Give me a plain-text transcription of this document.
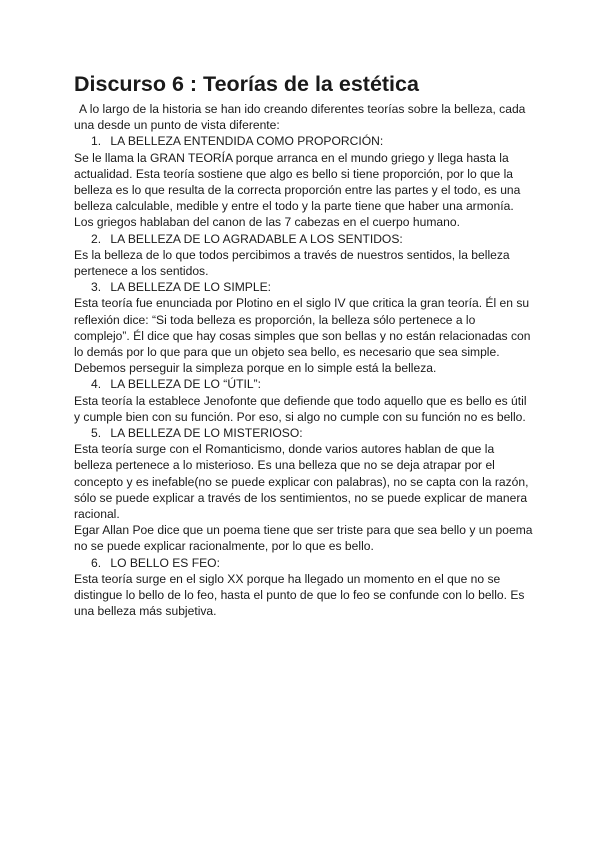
Discurso 6 : Teorías de la estética

A lo largo de la historia se han ido creando diferentes teorías sobre la belleza, cada una desde un punto de vista diferente:

1. LA BELLEZA ENTENDIDA COMO PROPORCIÓN:

Se le llama la GRAN TEORÍA porque arranca en el mundo griego y llega hasta la actualidad. Esta teoría sostiene que algo es bello si tiene proporción, por lo que la belleza es lo que resulta de la correcta proporción entre las partes y el todo, es una belleza calculable, medible y entre el todo y la parte tiene que haber una armonía. Los griegos hablaban del canon de las 7 cabezas en el cuerpo humano.

2. LA BELLEZA DE LO AGRADABLE A LOS SENTIDOS:

Es la belleza de lo que todos percibimos a través de nuestros sentidos, la belleza pertenece a los sentidos.

3. LA BELLEZA DE LO SIMPLE:

Esta teoría fue enunciada por Plotino en el siglo IV que critica la gran teoría. Él en su reflexión dice: “Si toda belleza es proporción, la belleza sólo pertenece a lo complejo”. Él dice que hay cosas simples que son bellas y no están relacionadas con lo demás por lo que para que un objeto sea bello, es necesario que sea simple. Debemos perseguir la simpleza porque en lo simple está la belleza.

4. LA BELLEZA DE LO “ÚTIL”:

Esta teoría la establece Jenofonte que defiende que todo aquello que es bello es útil y cumple bien con su función. Por eso, si algo no cumple con su función no es bello.

5. LA BELLEZA DE LO MISTERIOSO:

Esta teoría surge con el Romanticismo, donde varios autores hablan de que la belleza pertenece a lo misterioso. Es una belleza que no se deja atrapar por el concepto y es inefable(no se puede explicar con palabras), no se capta con la razón, sólo se puede explicar a través de los sentimientos, no se puede explicar de manera racional.

Egar Allan Poe dice que un poema tiene que ser triste para que sea bello y un poema no se puede explicar racionalmente, por lo que es bello.

6. LO BELLO ES FEO:

Esta teoría surge en el siglo XX porque ha llegado un momento en el que no se distingue lo bello de lo feo, hasta el punto de que lo feo se confunde con lo bello. Es una belleza más subjetiva.
